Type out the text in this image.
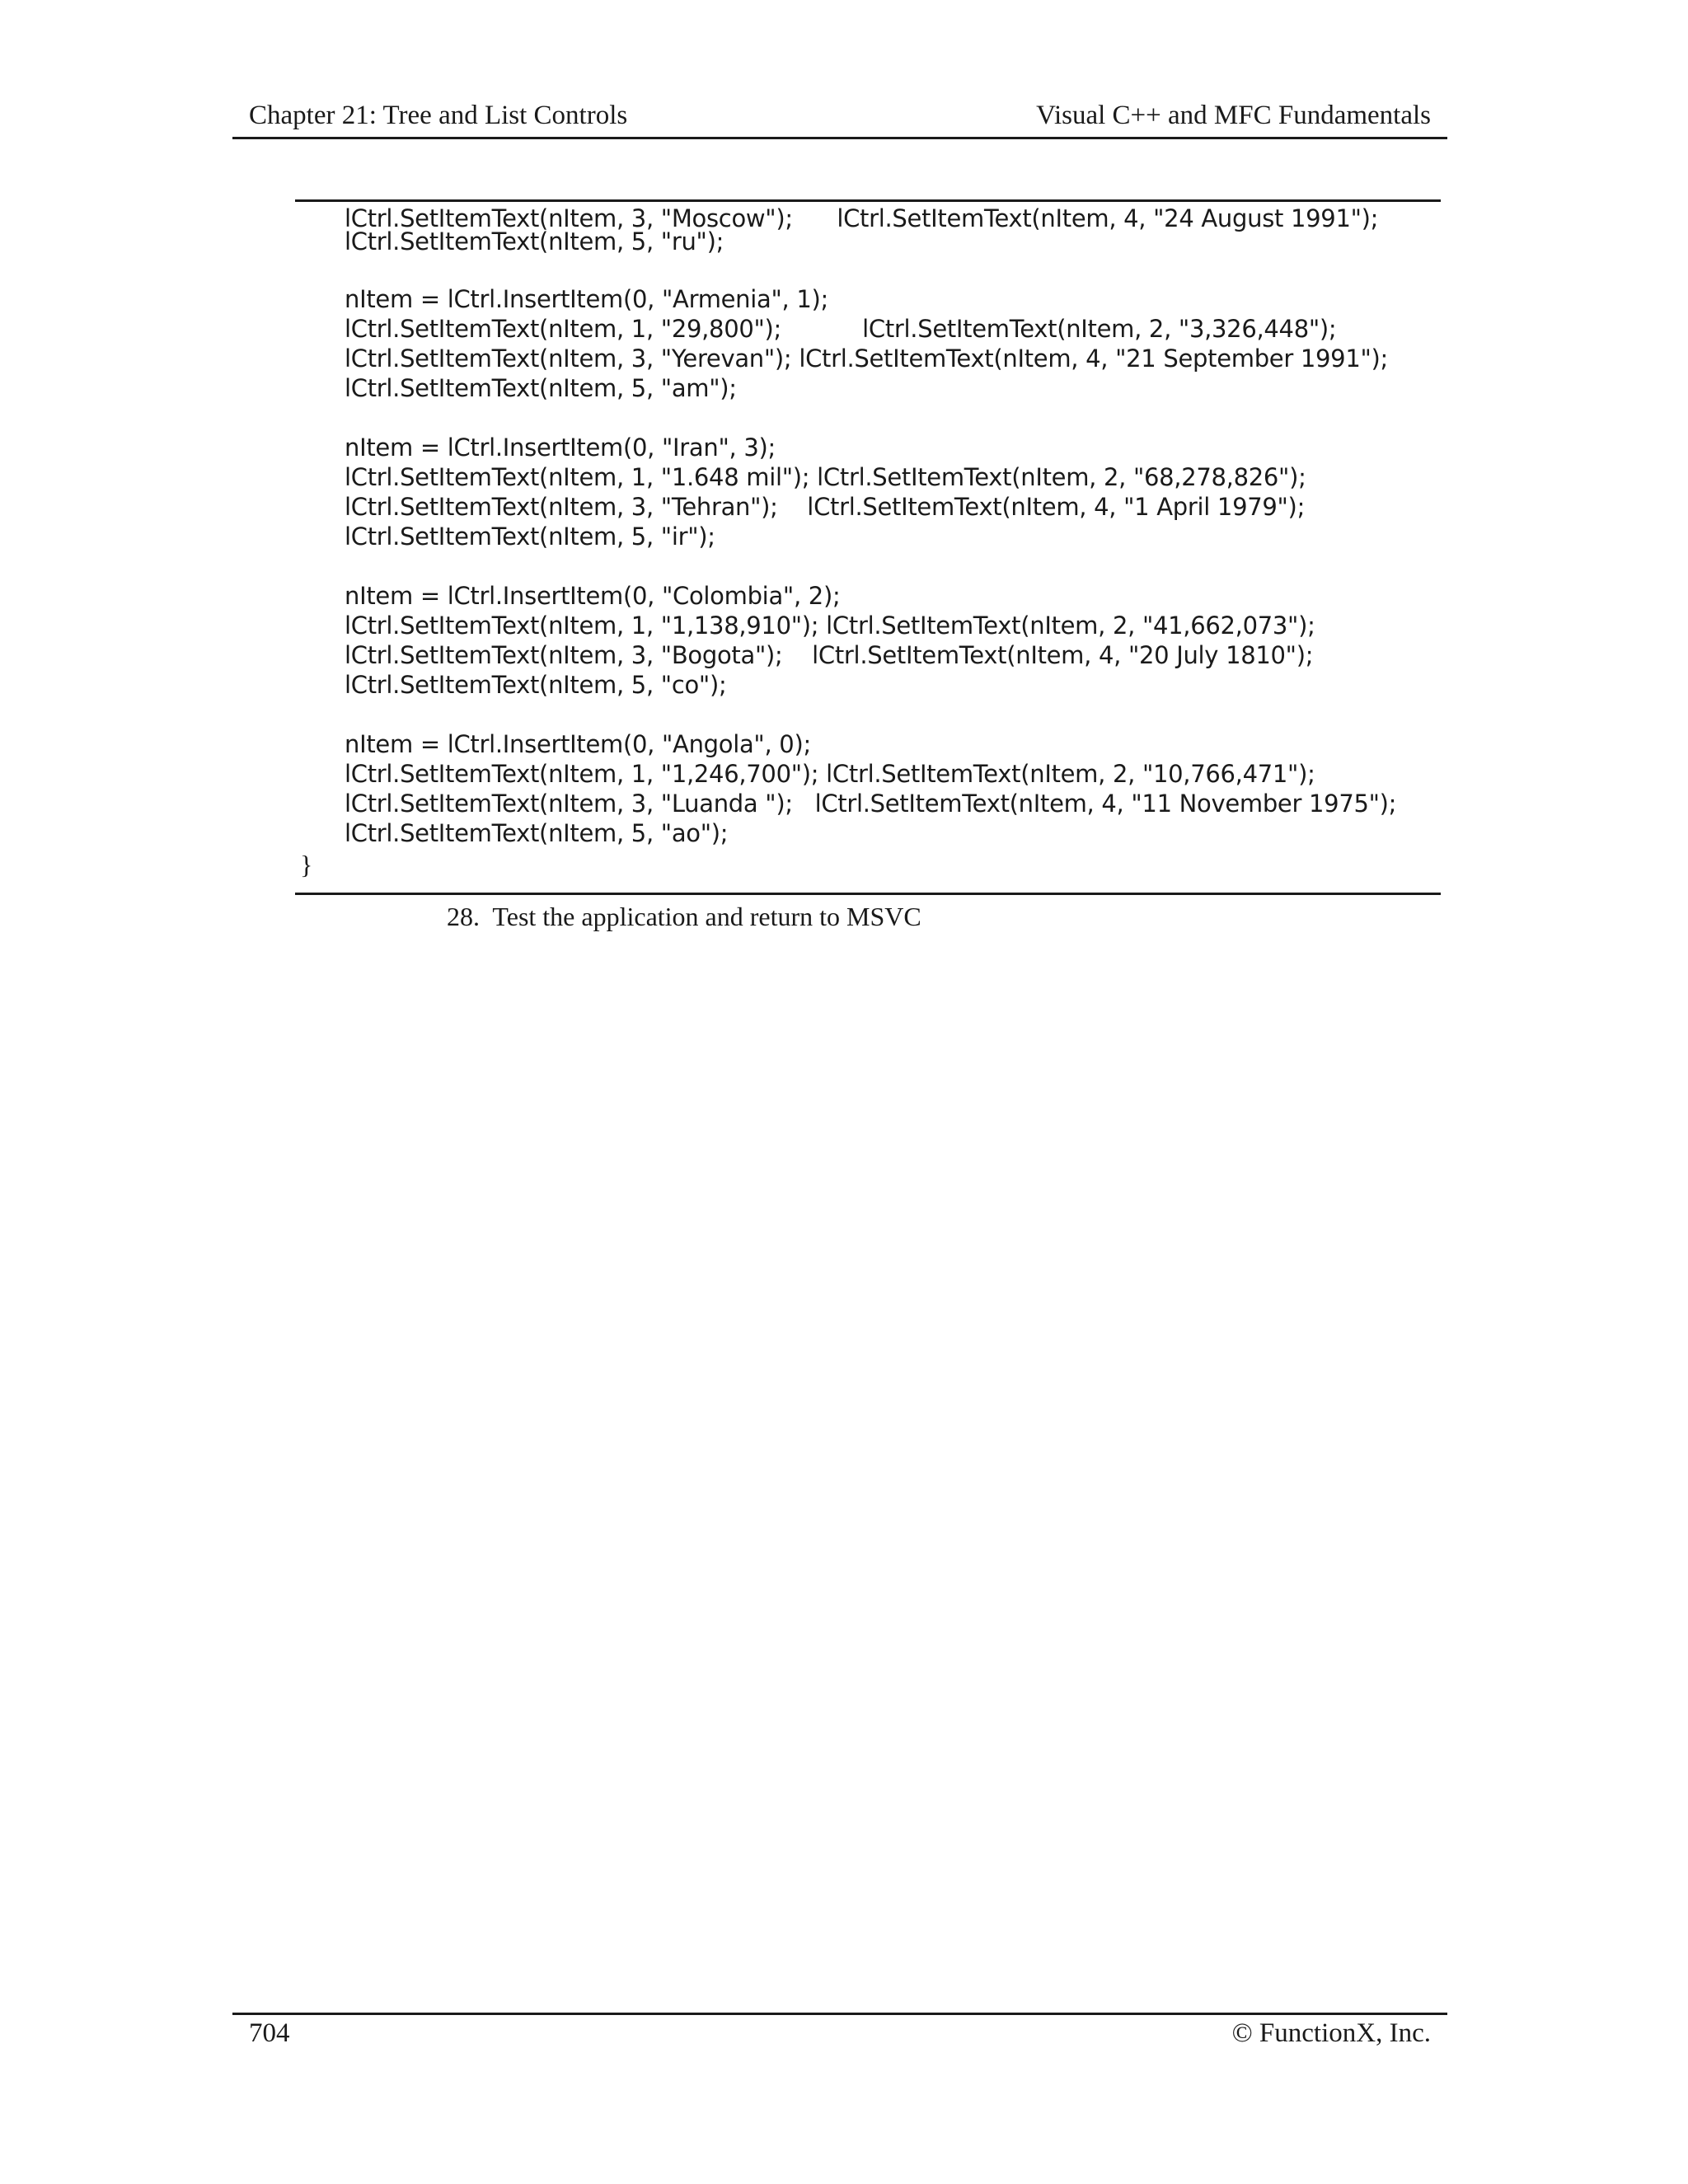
Chapter 21: Tree and List Controls	Visual C++ and MFC Fundamentals
lCtrl.SetItemText(nItem, 3, "Moscow");      lCtrl.SetItemText(nItem, 4, "24 August 1991");
lCtrl.SetItemText(nItem, 5, "ru");
nItem = lCtrl.InsertItem(0, "Armenia", 1);
lCtrl.SetItemText(nItem, 1, "29,800");           lCtrl.SetItemText(nItem, 2, "3,326,448");
lCtrl.SetItemText(nItem, 3, "Yerevan"); lCtrl.SetItemText(nItem, 4, "21 September 1991");
lCtrl.SetItemText(nItem, 5, "am");
nItem = lCtrl.InsertItem(0, "Iran", 3);
lCtrl.SetItemText(nItem, 1, "1.648 mil"); lCtrl.SetItemText(nItem, 2, "68,278,826");
lCtrl.SetItemText(nItem, 3, "Tehran");    lCtrl.SetItemText(nItem, 4, "1 April 1979");
lCtrl.SetItemText(nItem, 5, "ir");
nItem = lCtrl.InsertItem(0, "Colombia", 2);
lCtrl.SetItemText(nItem, 1, "1,138,910"); lCtrl.SetItemText(nItem, 2, "41,662,073");
lCtrl.SetItemText(nItem, 3, "Bogota");    lCtrl.SetItemText(nItem, 4, "20 July 1810");
lCtrl.SetItemText(nItem, 5, "co");
nItem = lCtrl.InsertItem(0, "Angola", 0);
lCtrl.SetItemText(nItem, 1, "1,246,700"); lCtrl.SetItemText(nItem, 2, "10,766,471");
lCtrl.SetItemText(nItem, 3, "Luanda ");   lCtrl.SetItemText(nItem, 4, "11 November 1975");
lCtrl.SetItemText(nItem, 5, "ao");
}
28.  Test the application and return to MSVC
704	© FunctionX, Inc.
